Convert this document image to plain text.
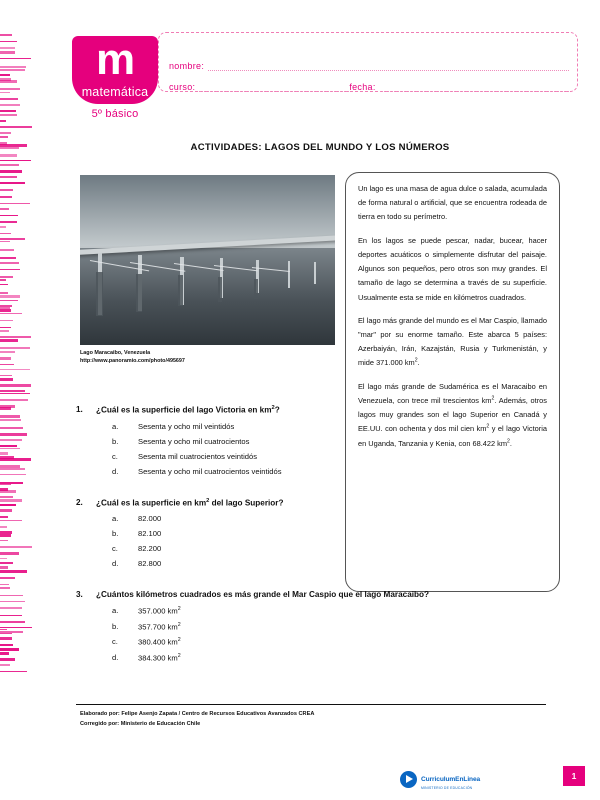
m
matemática
5º básico
nombre:
curso:	fecha:
ACTIVIDADES: LAGOS DEL MUNDO Y LOS NÚMEROS
Lago Maracaibo, Venezuela
http://www.panoramio.com/photo/495697

Un lago es una masa de agua dulce o salada, acumulada de forma natural o artificial, que se encuentra rodeada de tierra en todo su perímetro.

En los lagos se puede pescar, nadar, bucear, hacer deportes acuáticos o simplemente disfrutar del paisaje. Algunos son pequeños, pero otros son muy grandes. El tamaño de lago se determina a través de su superficie. Usualmente esta se mide en kilómetros cuadrados.

El lago más grande del mundo es el Mar Caspio, llamado "mar" por su enorme tamaño. Este abarca 5 países: Azerbaiyán, Irán, Kazajstán, Rusia y Turkmenistán, y mide 371.000 $km^2$.

El lago más grande de Sudamérica es el Maracaibo en Venezuela, con trece mil trescientos $km^2$. Además, otros lagos muy grandes son el lago Superior en Canadá y EE.UU. con ochenta y dos mil cien $km^2$ y el lago Victoria en Uganda, Tanzania y Kenia, con 68.422 $km^2$.

1.	¿Cuál es la superficie del lago Victoria en $km^2$?
a.	Sesenta y ocho mil veintidós
b.	Sesenta y ocho mil cuatrocientos
c.	Sesenta mil cuatrocientos veintidós
d.	Sesenta y ocho mil cuatrocientos veintidós
2.	¿Cuál es la superficie en $km^2$ del lago Superior?
a.	82.000
b.	82.100
c.	82.200
d.	82.800
3.	¿Cuántos kilómetros cuadrados es más grande el Mar Caspio que el lago Maracaibo?
a.	357.000 $km^2$
b.	357.700 $km^2$
c.	380.400 $km^2$
d.	384.300 $km^2$
Elaborado por: Felipe Asenjo Zapata / Centro de Recursos Educativos Avanzados CREA
Corregido por: Ministerio de Educación Chile
CurriculumEnLinea
MINISTERIO DE EDUCACIÓN
1
